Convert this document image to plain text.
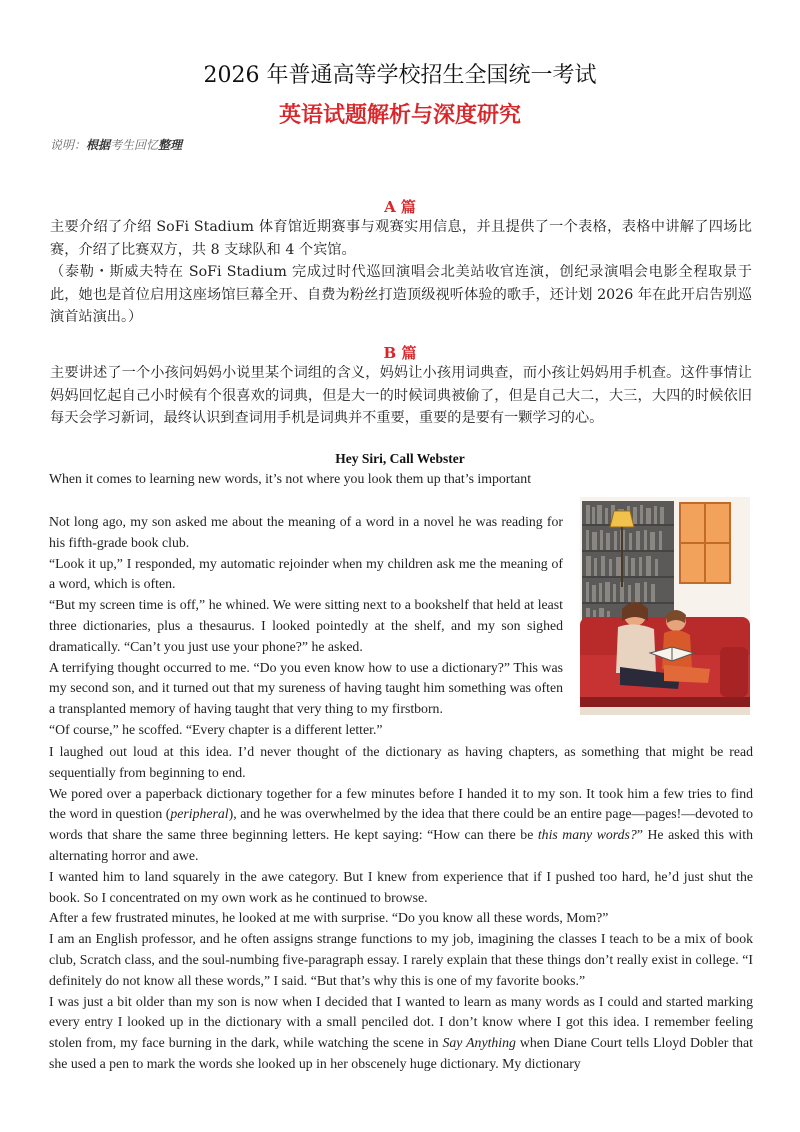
2026 年普通高等学校招生全国统一考试
英语试题解析与深度研究
说明：根据考生回忆整理
A 篇

主要介绍了介绍 SoFi Stadium 体育馆近期赛事与观赛实用信息，并且提供了一个表格，表格中讲解了四场比赛，介绍了比赛双方，共 8 支球队和 4 个宾馆。

（泰勒・斯威夫特在 SoFi Stadium 完成过时代巡回演唱会北美站收官连演，创纪录演唱会电影全程取景于此，她也是首位启用这座场馆巨幕全开、自费为粉丝打造顶级视听体验的歌手，还计划 2026 年在此开启告别巡演首站演出。）

B 篇

主要讲述了一个小孩问妈妈小说里某个词组的含义，妈妈让小孩用词典查，而小孩让妈妈用手机查。这件事情让妈妈回忆起自己小时候有个很喜欢的词典，但是大一的时候词典被偷了，但是自己大二，大三，大四的时候依旧每天会学习新词，最终认识到查词用手机是词典并不重要，重要的是要有一颗学习的心。

Hey Siri, Call Webster

When it comes to learning new words, it’s not where you look them up that’s important

Not long ago, my son asked me about the meaning of a word in a novel he was reading for his fifth-grade book club.

“Look it up,” I responded, my automatic rejoinder when my children ask me the meaning of a word, which is often.

“But my screen time is off,” he whined. We were sitting next to a bookshelf that held at least three dictionaries, plus a thesaurus. I looked pointedly at the shelf, and my son sighed dramatically. “Can’t you just use your phone?” he asked.

A terrifying thought occurred to me. “Do you even know how to use a dictionary?” This was my second son, and it turned out that my sureness of having taught him something was often a transplanted memory of having taught that very thing to my firstborn.

“Of course,” he scoffed. “Every chapter is a different letter.”

I laughed out loud at this idea. I’d never thought of the dictionary as having chapters, as something that might be read sequentially from beginning to end.

We pored over a paperback dictionary together for a few minutes before I handed it to my son. It took him a few tries to find the word in question (peripheral), and he was overwhelmed by the idea that there could be an entire page—pages!—devoted to words that share the same three beginning letters. He kept saying: “How can there be this many words?” He asked this with alternating horror and awe.

I wanted him to land squarely in the awe category. But I knew from experience that if I pushed too hard, he’d just shut the book. So I concentrated on my own work as he continued to browse.

After a few frustrated minutes, he looked at me with surprise. “Do you know all these words, Mom?”

I am an English professor, and he often assigns strange functions to my job, imagining the classes I teach to be a mix of book club, Scratch class, and the soul-numbing five-paragraph essay. I rarely explain that these things don’t really exist in college. “I definitely do not know all these words,” I said. “But that’s why this is one of my favorite books.”

I was just a bit older than my son is now when I decided that I wanted to learn as many words as I could and started marking every entry I looked up in the dictionary with a small penciled dot. I don’t know where I got this idea. I remember feeling stolen from, my face burning in the dark, while watching the scene in Say Anything when Diane Court tells Lloyd Dobler that she used a pen to mark the words she looked up in her obscenely huge dictionary. My dictionary
